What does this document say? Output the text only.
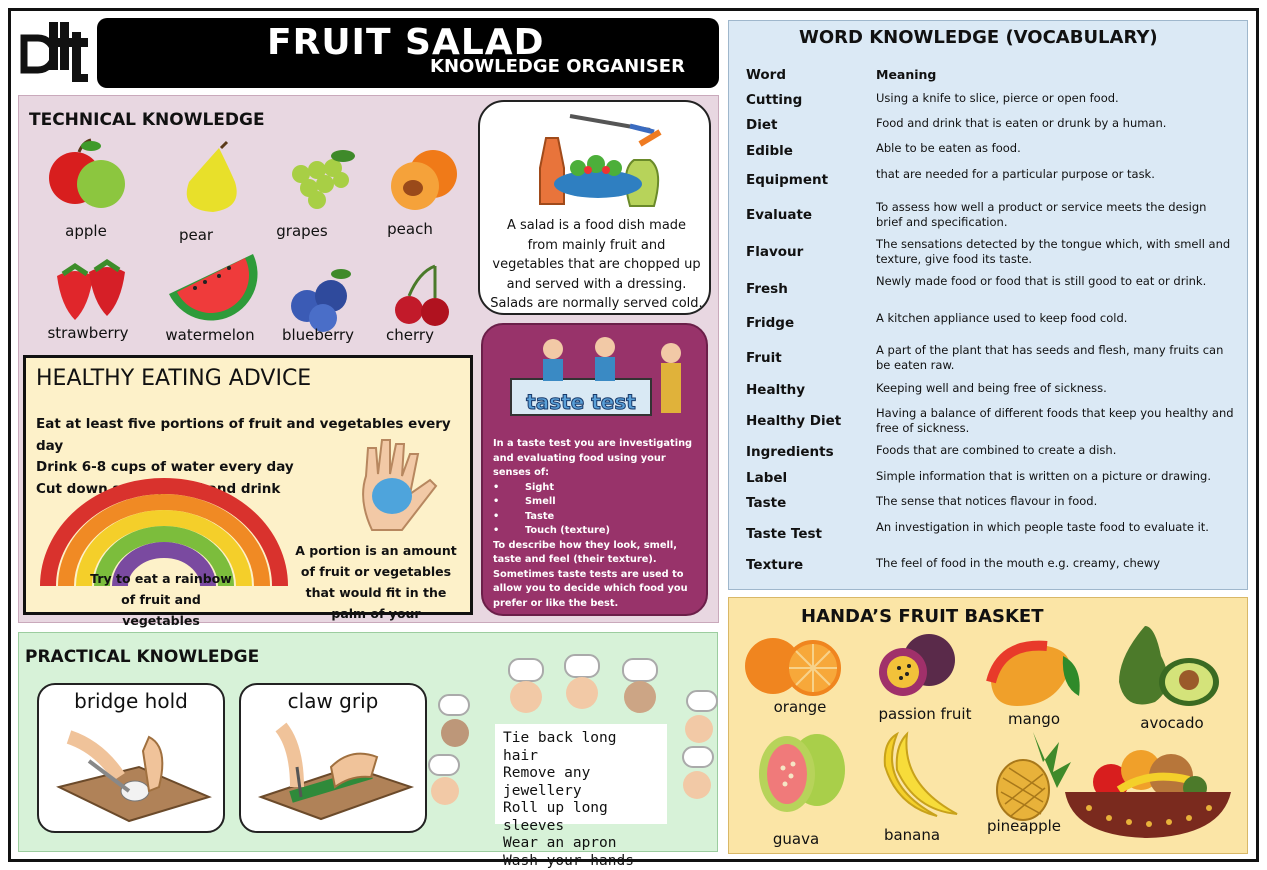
FRUIT SALAD
KNOWLEDGE ORGANISER
TECHNICAL KNOWLEDGE
apple	pear	grapes	peach
strawberry	watermelon	blueberry	cherry
A salad is a food dish made from mainly fruit and vegetables that are chopped up and served with a dressing. Salads are normally served cold.
HEALTHY EATING ADVICE
Eat at least five portions of fruit and vegetables every day
Drink 6-8 cups of water every day
Cut down sugary food and drink
Try to eat a rainbow of fruit and vegetables
A portion is an amount of fruit or vegetables that would fit in the palm of your
taste test
In a taste test you are investigating and evaluating food using your senses of:
•	Sight
•	Smell
•	Taste
•	Touch (texture)
To describe how they look, smell, taste and feel (their texture).
Sometimes taste tests are used to allow you to decide which food you prefer or like the best.
WORD KNOWLEDGE (VOCABULARY)
Word	Meaning
Cutting	Using a knife to slice, pierce or open food.
Diet	Food and drink that is eaten or drunk by a human.
Edible	Able to be eaten as food.
Equipment	that are needed for a particular purpose or task.
Evaluate	To assess how well a product or service meets the design brief and specification.
Flavour	The sensations detected by the tongue which, with smell and texture, give food its taste.
Fresh	Newly made food or food that is still good to eat or drink.
Fridge	A kitchen appliance used to keep food cold.
Fruit	A part of the plant that has seeds and flesh, many fruits can be eaten raw.
Healthy	Keeping well and being free of sickness.
Healthy Diet	Having a balance of different foods that keep you healthy and free of sickness.
Ingredients	Foods that are combined to create a dish.
Label	Simple information that is written on a picture or drawing.
Taste	The sense that notices flavour in food.
Taste Test	An investigation in which people taste food to evaluate it.
Texture	The feel of food in the mouth e.g. creamy, chewy
PRACTICAL KNOWLEDGE
bridge hold	claw grip
Tie back long hair
Remove any jewellery
Roll up long sleeves
Wear an apron
Wash your hands
HANDA’S FRUIT BASKET
orange	passion fruit	mango	avocado
guava	banana	pineapple
